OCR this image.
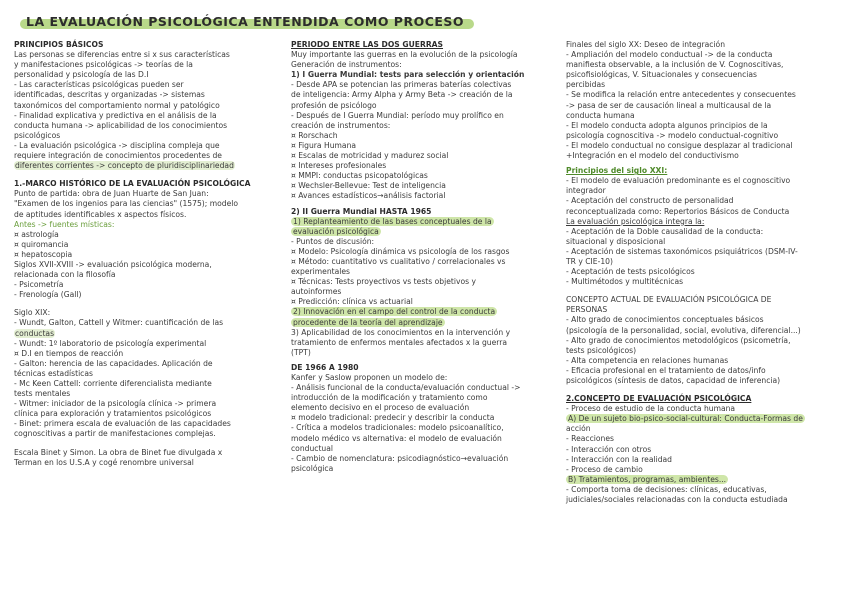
LA EVALUACIÓN PSICOLÓGICA ENTENDIDA COMO PROCESO
PRINCIPIOS BÁSICOS
Las personas se diferencias entre si x sus características
y manifestaciones psicológicas -> teorías de la
personalidad y psicología de las D.I
- Las características psicológicas pueden ser
identificadas, descritas y organizadas -> sistemas
taxonómicos del comportamiento normal y patológico
- Finalidad explicativa y predictiva en el análisis de la
conducta humana -> aplicabilidad de los conocimientos
psicológicos
- La evaluación psicológica -> disciplina compleja que
requiere integración de conocimientos procedentes de
diferentes corrientes -> concepto de pluridisciplinariedad
1.-MARCO HISTÓRICO DE LA EVALUACIÓN PSICOLÓGICA
Punto de partida: obra de Juan Huarte de San Juan:
"Examen de los ingenios para las ciencias" (1575); modelo
de aptitudes identificables x aspectos físicos.
Antes -> fuentes místicas:
¤ astrología
¤ quiromancia
¤ hepatoscopia
Siglos XVII-XVIII -> evaluación psicológica moderna,
relacionada con la filosofía
- Psicometría
- Frenología (Gall)
Siglo XIX:
- Wundt, Galton, Cattell y Witmer: cuantificación de las
conductas
- Wundt: 1º laboratorio de psicología experimental
¤ D.I en tiempos de reacción
- Galton: herencia de las capacidades. Aplicación de
técnicas estadísticas
- Mc Keen Cattell: corriente diferencialista mediante
tests mentales
- Witmer: iniciador de la psicología clínica -> primera
clínica para exploración y tratamientos psicológicos
- Binet: primera escala de evaluación de las capacidades
cognoscitivas a partir de manifestaciones complejas.
Escala Binet y Simon. La obra de Binet fue divulgada x
Terman en los U.S.A y cogé renombre universal
PERIODO ENTRE LAS DOS GUERRAS
Muy importante las guerras en la evolución de la psicología
Generación de instrumentos:
1) I Guerra Mundial: tests para selección y orientación
- Desde APA se potencian las primeras baterías colectivas
de inteligencia: Army Alpha y Army Beta -> creación de la
profesión de psicólogo
- Después de I Guerra Mundial: período muy prolífico en
creación de instrumentos:
¤ Rorschach
¤ Figura Humana
¤ Escalas de motricidad y madurez social
¤ Intereses profesionales
¤ MMPI: conductas psicopatológicas
¤ Wechsler-Bellevue: Test de inteligencia
¤ Avances estadísticos→análisis factorial
2) II Guerra Mundial HASTA 1965
1) Replanteamiento de las bases conceptuales de la
evaluación psicológica
- Puntos de discusión:
¤ Modelo: Psicología dinámica vs psicología de los rasgos
¤ Método: cuantitativo vs cualitativo / correlacionales vs
experimentales
¤ Técnicas: Tests proyectivos vs tests objetivos y
autoinformes
¤ Predicción: clínica vs actuarial
2) Innovación en el campo del control de la conducta
procedente de la teoría del aprendizaje
3) Aplicabilidad de los conocimientos en la intervención y
tratamiento de enfermos mentales afectados x la guerra
(TPT)
DE 1966 A 1980
Kanfer y Saslow proponen un modelo de:
- Análisis funcional de la conducta/evaluación conductual ->
introducción de la modificación y tratamiento como
elemento decisivo en el proceso de evaluación
¤ modelo tradicional: predecir y describir la conducta
- Crítica a modelos tradicionales: modelo psicoanalítico,
modelo médico vs alternativa: el modelo de evaluación
conductual
- Cambio de nomenclatura: psicodiagnóstico→evaluación
psicológica
Finales del siglo XX: Deseo de integración
- Ampliación del modelo conductual -> de la conducta
manifiesta observable, a la inclusión de V. Cognoscitivas,
psicofisiológicas, V. Situacionales y consecuencias
percibidas
- Se modifica la relación entre antecedentes y consecuentes
-> pasa de ser de causación lineal a multicausal de la
conducta humana
- El modelo conducta adopta algunos principios de la
psicología cognoscitiva -> modelo conductual-cognitivo
- El modelo conductual no consigue desplazar al tradicional
+Integración en el modelo del conductivismo
Principios del siglo XXI:
- El modelo de evaluación predominante es el cognoscitivo
integrador
- Aceptación del constructo de personalidad
reconceptualizada como: Repertorios Básicos de Conducta
La evaluación psicológica integra la:
- Aceptación de la Doble causalidad de la conducta:
situacional y disposicional
- Aceptación de sistemas taxonómicos psiquiátricos (DSM-IV-
TR y CIE-10)
- Aceptación de tests psicológicos
- Multimétodos y multitécnicas
CONCEPTO ACTUAL DE EVALUACIÓN PSICOLÓGICA DE
PERSONAS
- Alto grado de conocimientos conceptuales básicos
(psicología de la personalidad, social, evolutiva, diferencial...)
- Alto grado de conocimientos metodológicos (psicometría,
tests psicológicos)
- Alta competencia en relaciones humanas
- Eficacia profesional en el tratamiento de datos/info
psicológicos (síntesis de datos, capacidad de inferencia)
2.CONCEPTO DE EVALUACIÓN PSICOLÓGICA
- Proceso de estudio de la conducta humana
A) De un sujeto bio-psico-social-cultural: Conducta-Formas de
acción
- Reacciones
- Interacción con otros
- Interacción con la realidad
- Proceso de cambio
B) Tratamientos, programas, ambientes...
- Comporta toma de decisiones: clínicas, educativas,
judiciales/sociales relacionadas con la conducta estudiada
